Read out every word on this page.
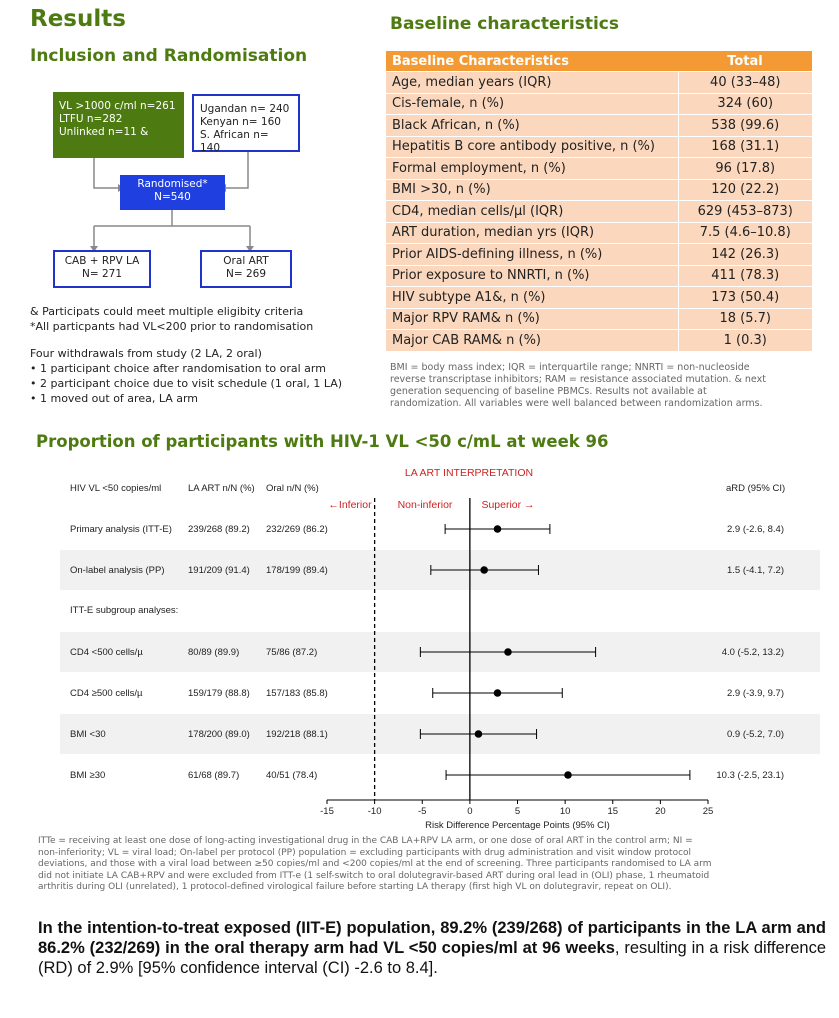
Results
Inclusion and Randomisation
VL >1000 c/ml n=261
LTFU n=282
Unlinked n=11 &
Ugandan n= 240
Kenyan n= 160
S. African n= 140
Randomised*
N=540
CAB + RPV LA
N= 271
Oral ART
N= 269
& Participats could meet multiple eligibity criteria
*All particpants had VL<200 prior to randomisation
Four withdrawals from study (2 LA, 2 oral)
• 1 participant choice after randomisation to oral arm
• 2 participant choice due to visit schedule (1 oral, 1 LA)
• 1 moved out of area, LA arm
Baseline characteristics
Baseline Characteristics	Total
Age, median years (IQR)	40 (33–48)
Cis-female, n (%)	324 (60)
Black African, n (%)	538 (99.6)
Hepatitis B core antibody positive, n (%)	168 (31.1)
Formal employment, n (%)	96 (17.8)
BMI >30, n (%)	120 (22.2)
CD4, median cells/µl (IQR)	629 (453–873)
ART duration, median yrs (IQR)	7.5 (4.6–10.8)
Prior AIDS-defining illness, n (%)	142 (26.3)
Prior exposure to NNRTI, n (%)	411 (78.3)
HIV subtype A1&, n (%)	173 (50.4)
Major RPV RAM& n (%)	18 (5.7)
Major CAB RAM& n (%)	1 (0.3)
BMI = body mass index; IQR = interquartile range; NNRTI = non-nucleoside
reverse transcriptase inhibitors; RAM = resistance associated mutation. & next
generation sequencing of baseline PBMCs. Results not available at
randomization. All variables were well balanced between randomization arms.
Proportion of participants with HIV-1 VL <50 c/mL at week 96
LA ART INTERPRETATION
←Inferior Non-inferior	Superior →
HIV VL <50 copies/ml	LA ART n/N (%) Oral n/N (%)	aRD (95% CI)
Primary analysis (ITT-E) 239/268 (89.2) 232/269 (86.2)	2.9 (-2.6, 8.4)
On-label analysis (PP) 191/209 (91.4) 178/199 (89.4)	1.5 (-4.1, 7.2)
ITT-E subgroup analyses:
CD4 <500 cells/µ	80/89 (89.9)	75/86 (87.2)	4.0 (-5.2, 13.2)
CD4 ≥500 cells/µ	159/179 (88.8) 157/183 (85.8)	2.9 (-3.9, 9.7)
BMI <30	178/200 (89.0) 192/218 (88.1)	0.9 (-5.2, 7.0)
BMI ≥30	61/68 (89.7)	40/51 (78.4)	10.3 (-2.5, 23.1)
-15	-10	-5	0	5	10	15	20	25
Risk Difference Percentage Points (95% CI)
ITTe = receiving at least one dose of long-acting investigational drug in the CAB LA+RPV LA arm, or one dose of oral ART in the control arm; NI =
non-inferiority; VL = viral load; On-label per protocol (PP) population = excluding participants with drug administration and visit window protocol
deviations, and those with a viral load between ≥50 copies/ml and <200 copies/ml at the end of screening. Three participants randomised to LA arm
did not initiate LA CAB+RPV and were excluded from ITT-e (1 self-switch to oral dolutegravir-based ART during oral lead in (OLI) phase, 1 rheumatoid
arthritis during OLI (unrelated), 1 protocol-defined virological failure before starting LA therapy (first high VL on dolutegravir, repeat on OLI).
In the intention-to-treat exposed (IIT-E) population, 89.2% (239/268) of participants in the LA arm and 86.2% (232/269) in the oral therapy arm had VL <50 copies/ml at 96 weeks, resulting in a risk difference (RD) of 2.9% [95% confidence interval (CI) -2.6 to 8.4].
